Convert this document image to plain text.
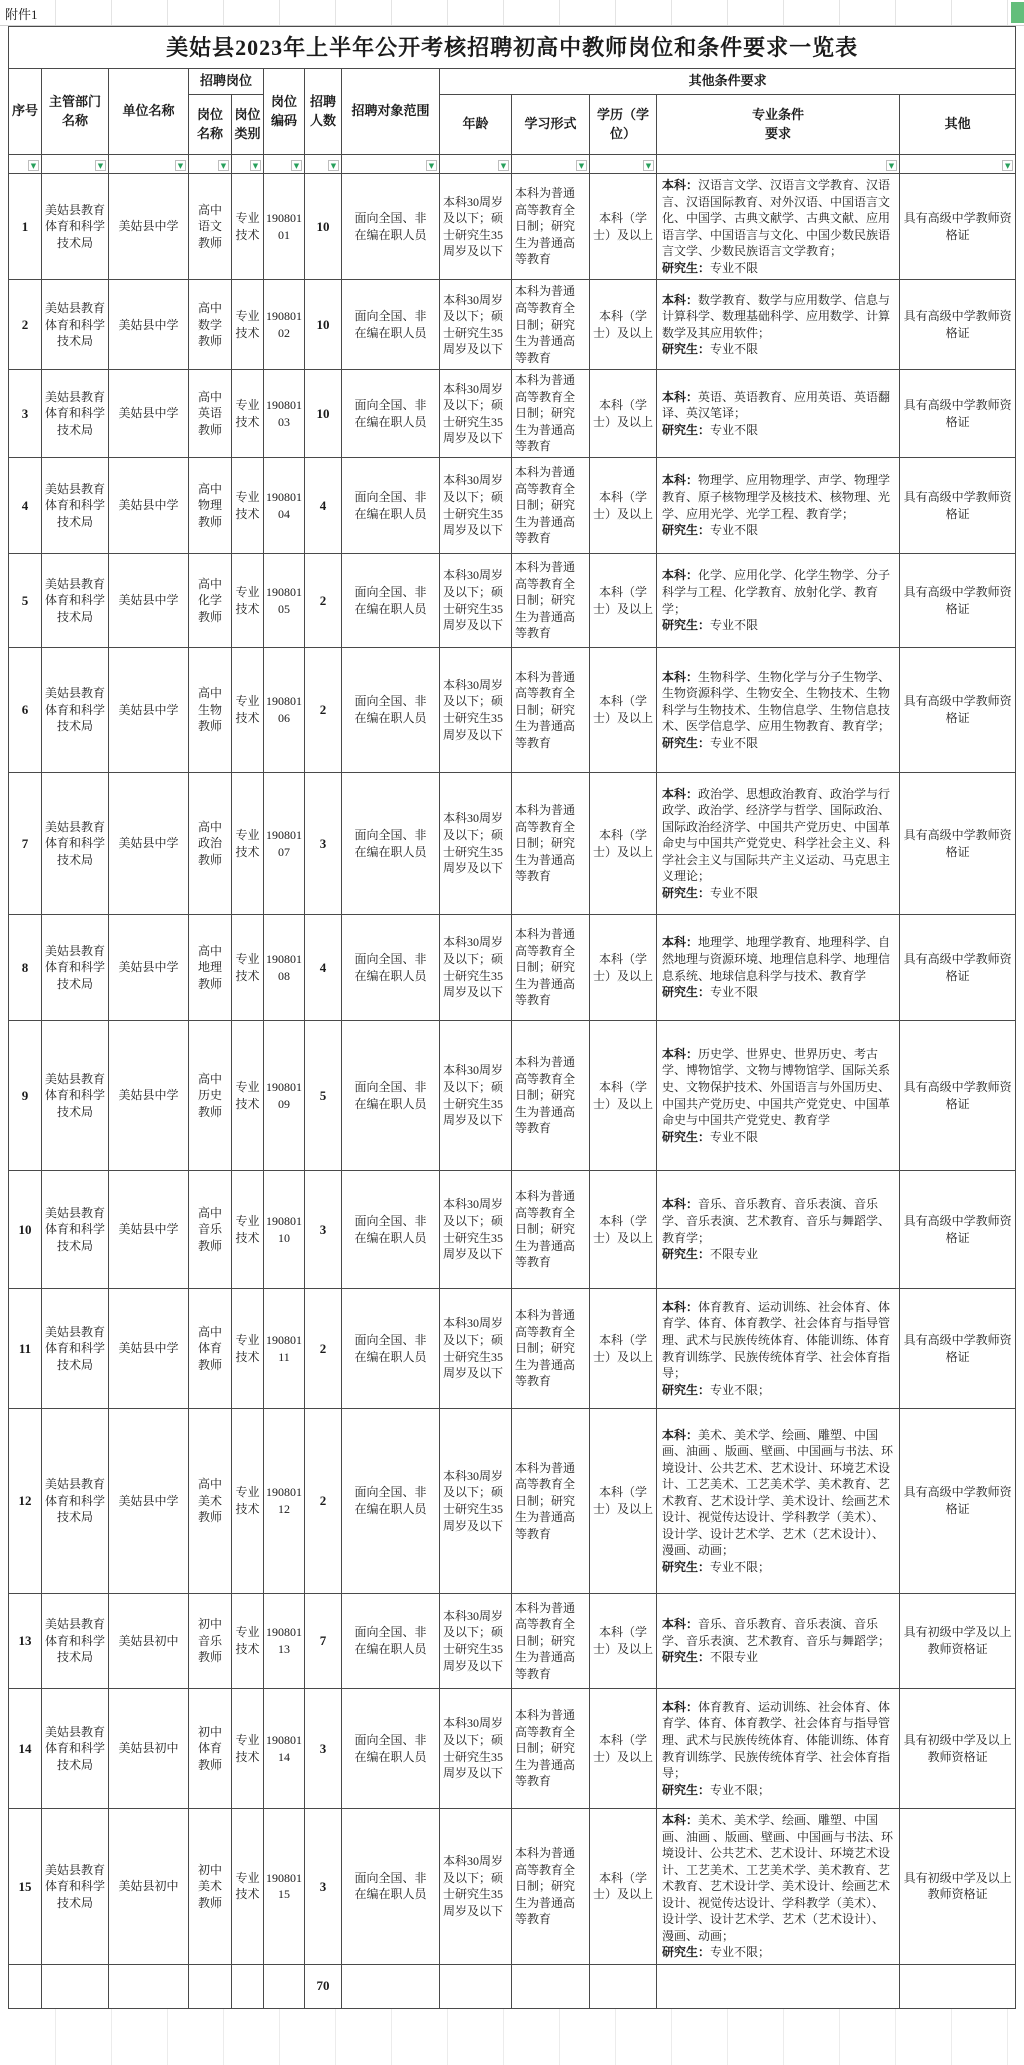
附件1
美姑县2023年上半年公开考核招聘初高中教师岗位和条件要求一览表												
序号	主管部门名称	单位名称	招聘岗位		岗位编码	招聘人数	招聘对象范围	其他条件要求				
			岗位名称	岗位类别				年龄	学习形式	学历（学位）	专业条件要求	其他
▼	▼	▼	▼	▼	▼	▼	▼	▼	▼	▼	▼	▼
1	美姑县教育体育和科学技术局	美姑县中学	高中语文教师	专业技术	19080101	10	面向全国、非在编在职人员	本科30周岁及以下；硕士研究生35周岁及以下	本科为普通高等教育全日制；研究生为普通高等教育	本科（学士）及以上	本科：汉语言文学、汉语言文学教育、汉语言、汉语国际教育、对外汉语、中国语言文化、中国学、古典文献学、古典文献、应用语言学、中国语言与文化、中国少数民族语言文学、少数民族语言文学教育；
研究生：专业不限	具有高级中学教师资格证
2	美姑县教育体育和科学技术局	美姑县中学	高中数学教师	专业技术	19080102	10	面向全国、非在编在职人员	本科30周岁及以下；硕士研究生35周岁及以下	本科为普通高等教育全日制；研究生为普通高等教育	本科（学士）及以上	本科：数学教育、数学与应用数学、信息与计算科学、数理基础科学、应用数学、计算数学及其应用软件；
研究生：专业不限	具有高级中学教师资格证
3	美姑县教育体育和科学技术局	美姑县中学	高中英语教师	专业技术	19080103	10	面向全国、非在编在职人员	本科30周岁及以下；硕士研究生35周岁及以下	本科为普通高等教育全日制；研究生为普通高等教育	本科（学士）及以上	本科：英语、英语教育、应用英语、英语翻译、英汉笔译；
研究生：专业不限	具有高级中学教师资格证
4	美姑县教育体育和科学技术局	美姑县中学	高中物理教师	专业技术	19080104	4	面向全国、非在编在职人员	本科30周岁及以下；硕士研究生35周岁及以下	本科为普通高等教育全日制；研究生为普通高等教育	本科（学士）及以上	本科：物理学、应用物理学、声学、物理学教育、原子核物理学及核技术、核物理、光学、应用光学、光学工程、教育学；
研究生：专业不限	具有高级中学教师资格证
5	美姑县教育体育和科学技术局	美姑县中学	高中化学教师	专业技术	19080105	2	面向全国、非在编在职人员	本科30周岁及以下；硕士研究生35周岁及以下	本科为普通高等教育全日制；研究生为普通高等教育	本科（学士）及以上	本科：化学、应用化学、化学生物学、分子科学与工程、化学教育、放射化学、教育学；
研究生：专业不限	具有高级中学教师资格证
6	美姑县教育体育和科学技术局	美姑县中学	高中生物教师	专业技术	19080106	2	面向全国、非在编在职人员	本科30周岁及以下；硕士研究生35周岁及以下	本科为普通高等教育全日制；研究生为普通高等教育	本科（学士）及以上	本科：生物科学、生物化学与分子生物学、生物资源科学、生物安全、生物技术、生物科学与生物技术、生物信息学、生物信息技术、医学信息学、应用生物教育、教育学；
研究生：专业不限	具有高级中学教师资格证
7	美姑县教育体育和科学技术局	美姑县中学	高中政治教师	专业技术	19080107	3	面向全国、非在编在职人员	本科30周岁及以下；硕士研究生35周岁及以下	本科为普通高等教育全日制；研究生为普通高等教育	本科（学士）及以上	本科：政治学、思想政治教育、政治学与行政学、政治学、经济学与哲学、国际政治、国际政治经济学、中国共产党历史、中国革命史与中国共产党党史、科学社会主义、科学社会主义与国际共产主义运动、马克思主义理论；
研究生：专业不限	具有高级中学教师资格证
8	美姑县教育体育和科学技术局	美姑县中学	高中地理教师	专业技术	19080108	4	面向全国、非在编在职人员	本科30周岁及以下；硕士研究生35周岁及以下	本科为普通高等教育全日制；研究生为普通高等教育	本科（学士）及以上	本科：地理学、地理学教育、地理科学、自然地理与资源环境、地理信息科学、地理信息系统、地球信息科学与技术、教育学
研究生：专业不限	具有高级中学教师资格证
9	美姑县教育体育和科学技术局	美姑县中学	高中历史教师	专业技术	19080109	5	面向全国、非在编在职人员	本科30周岁及以下；硕士研究生35周岁及以下	本科为普通高等教育全日制；研究生为普通高等教育	本科（学士）及以上	本科：历史学、世界史、世界历史、考古学、博物馆学、文物与博物馆学、国际关系史、文物保护技术、外国语言与外国历史、中国共产党历史、中国共产党党史、中国革命史与中国共产党党史、教育学
研究生：专业不限	具有高级中学教师资格证
10	美姑县教育体育和科学技术局	美姑县中学	高中音乐教师	专业技术	19080110	3	面向全国、非在编在职人员	本科30周岁及以下；硕士研究生35周岁及以下	本科为普通高等教育全日制；研究生为普通高等教育	本科（学士）及以上	本科：音乐、音乐教育、音乐表演、音乐学、音乐表演、艺术教育、音乐与舞蹈学、教育学；
研究生：不限专业	具有高级中学教师资格证
11	美姑县教育体育和科学技术局	美姑县中学	高中体育教师	专业技术	19080111	2	面向全国、非在编在职人员	本科30周岁及以下；硕士研究生35周岁及以下	本科为普通高等教育全日制；研究生为普通高等教育	本科（学士）及以上	本科：体育教育、运动训练、社会体育、体育学、体育、体育教学、社会体育与指导管理、武术与民族传统体育、体能训练、体育教育训练学、民族传统体育学、社会体育指导；
研究生：专业不限；	具有高级中学教师资格证
12	美姑县教育体育和科学技术局	美姑县中学	高中美术教师	专业技术	19080112	2	面向全国、非在编在职人员	本科30周岁及以下；硕士研究生35周岁及以下	本科为普通高等教育全日制；研究生为普通高等教育	本科（学士）及以上	本科：美术、美术学、绘画、雕塑、中国画、油画 、版画、壁画、中国画与书法、环境设计、公共艺术、艺术设计、环境艺术设计、工艺美术、工艺美术学、美术教育、艺术教育、艺术设计学、美术设计、绘画艺术设计、视觉传达设计、学科教学（美术）、设计学、设计艺术学、艺术（艺术设计）、漫画、动画；
研究生：专业不限；	具有高级中学教师资格证
13	美姑县教育体育和科学技术局	美姑县初中	初中音乐教师	专业技术	19080113	7	面向全国、非在编在职人员	本科30周岁及以下；硕士研究生35周岁及以下	本科为普通高等教育全日制；研究生为普通高等教育	本科（学士）及以上	本科：音乐、音乐教育、音乐表演、音乐学、音乐表演、艺术教育、音乐与舞蹈学；
研究生：不限专业	具有初级中学及以上教师资格证
14	美姑县教育体育和科学技术局	美姑县初中	初中体育教师	专业技术	19080114	3	面向全国、非在编在职人员	本科30周岁及以下；硕士研究生35周岁及以下	本科为普通高等教育全日制；研究生为普通高等教育	本科（学士）及以上	本科：体育教育、运动训练、社会体育、体育学、体育、体育教学、社会体育与指导管理、武术与民族传统体育、体能训练、体育教育训练学、民族传统体育学、社会体育指导；
研究生：专业不限；	具有初级中学及以上教师资格证
15	美姑县教育体育和科学技术局	美姑县初中	初中美术教师	专业技术	19080115	3	面向全国、非在编在职人员	本科30周岁及以下；硕士研究生35周岁及以下	本科为普通高等教育全日制；研究生为普通高等教育	本科（学士）及以上	本科：美术、美术学、绘画、雕塑、中国画、油画 、版画、壁画、中国画与书法、环境设计、公共艺术、艺术设计、环境艺术设计、工艺美术、工艺美术学、美术教育、艺术教育、艺术设计学、美术设计、绘画艺术设计、视觉传达设计、学科教学（美术）、设计学、设计艺术学、艺术（艺术设计）、漫画、动画；
研究生：专业不限；	具有初级中学及以上教师资格证
						70						
